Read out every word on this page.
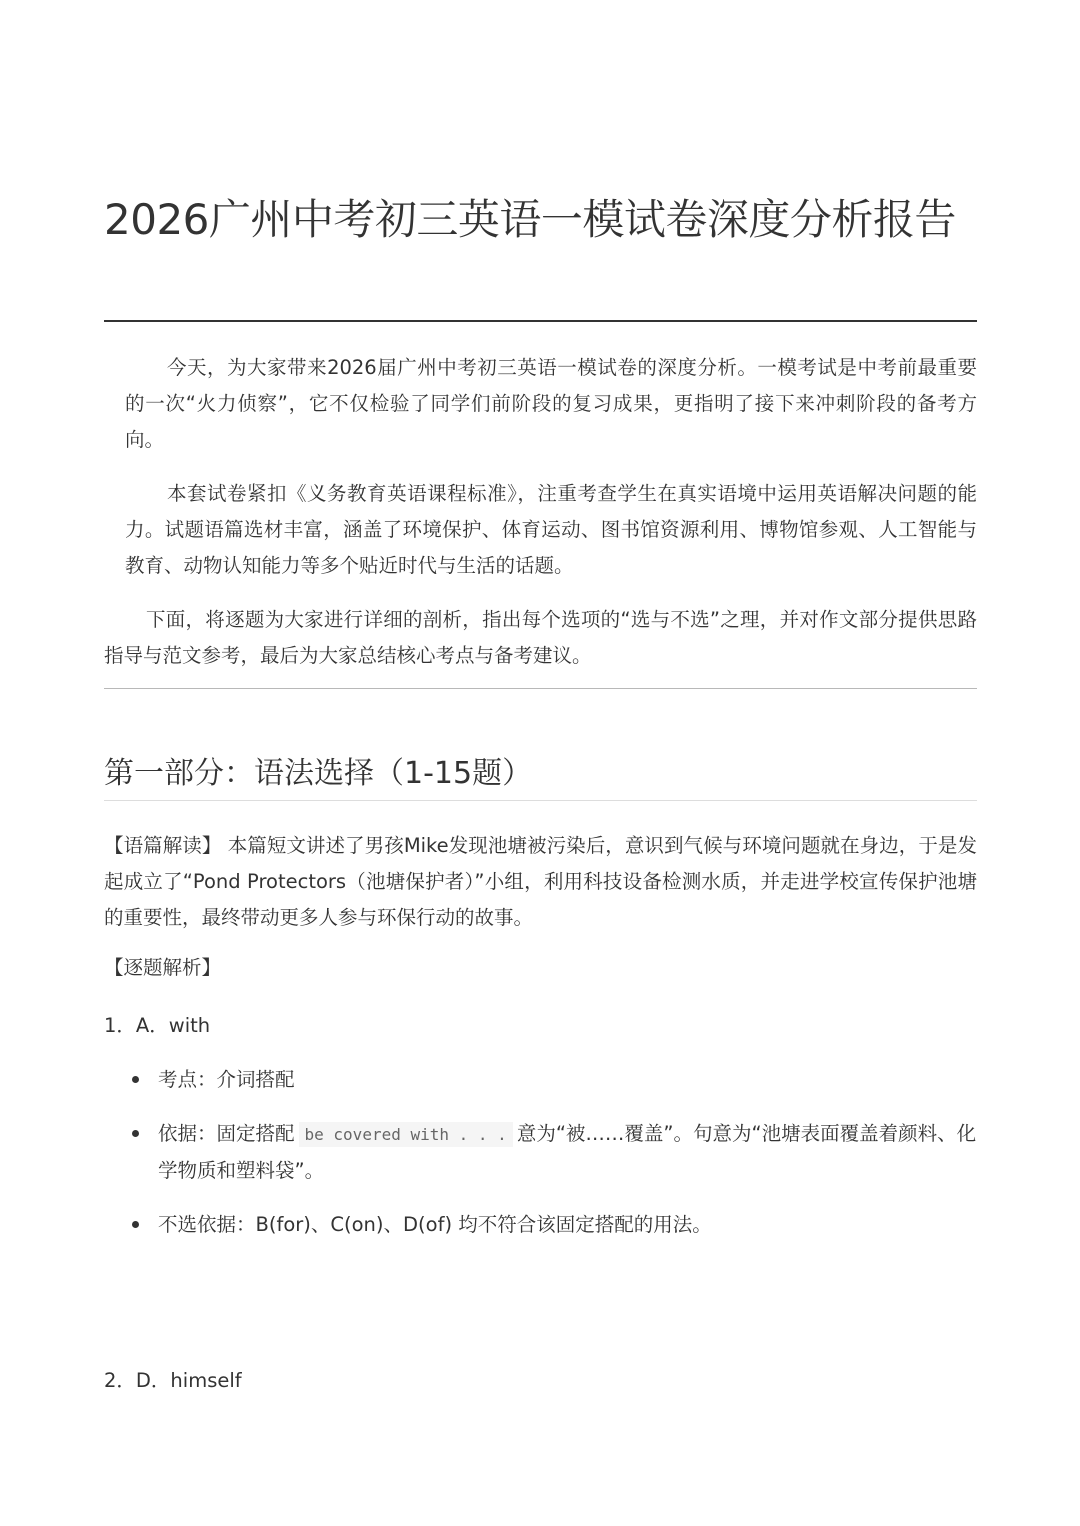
2026广州中考初三英语一模试卷深度分析报告

今天，为大家带来2026届广州中考初三英语一模试卷的深度分析。一模考试是中考前最重要的一次“火力侦察”，它不仅检验了同学们前阶段的复习成果，更指明了接下来冲刺阶段的备考方向。

本套试卷紧扣《义务教育英语课程标准》，注重考查学生在真实语境中运用英语解决问题的能力。试题语篇选材丰富，涵盖了环境保护、体育运动、图书馆资源利用、博物馆参观、人工智能与教育、动物认知能力等多个贴近时代与生活的话题。

下面，将逐题为大家进行详细的剖析，指出每个选项的“选与不选”之理，并对作文部分提供思路指导与范文参考，最后为大家总结核心考点与备考建议。

第一部分：语法选择（1-15题）

【语篇解读】 本篇短文讲述了男孩Mike发现池塘被污染后，意识到气候与环境问题就在身边，于是发起成立了“Pond Protectors（池塘保护者）”小组，利用科技设备检测水质，并走进学校宣传保护池塘的重要性，最终带动更多人参与环保行动的故事。

【逐题解析】

1．A．with

考点：介词搭配
依据：固定搭配 be covered with . . . 意为“被……覆盖”。句意为“池塘表面覆盖着颜料、化学物质和塑料袋”。
不选依据：B(for)、C(on)、D(of) 均不符合该固定搭配的用法。

2．D．himself
